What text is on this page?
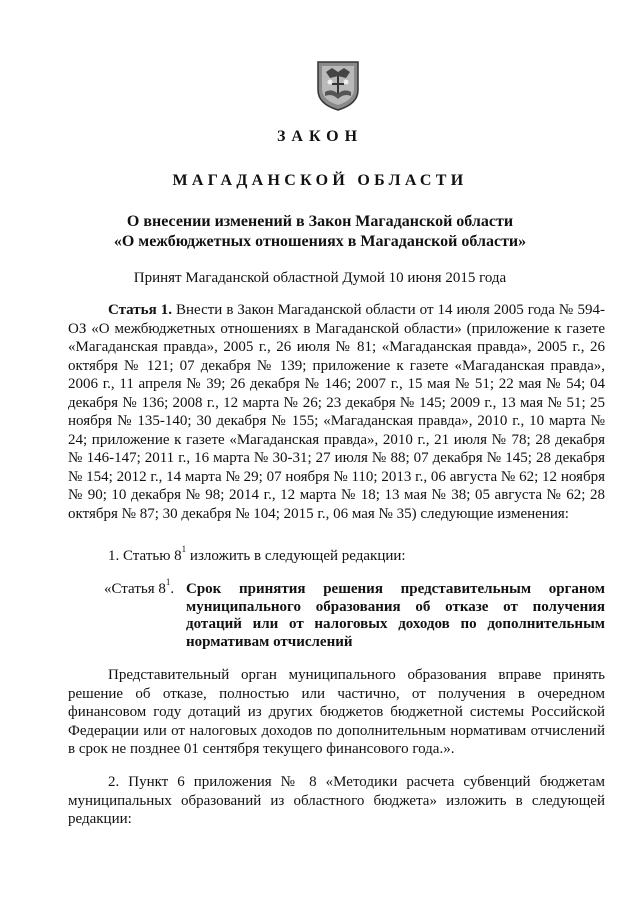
ЗАКОН
МАГАДАНСКОЙ ОБЛАСТИ
О внесении изменений в Закон Магаданской области
«О межбюджетных отношениях в Магаданской области»
Принят Магаданской областной Думой 10 июня 2015 года
Статья 1. Внести в Закон Магаданской области от 14 июля 2005 года № 594-ОЗ «О межбюджетных отношениях в Магаданской области» (приложение к газете «Магаданская правда», 2005 г., 26 июля № 81; «Магаданская правда», 2005 г., 26 октября № 121; 07 декабря № 139; приложение к газете «Магаданская правда», 2006 г., 11 апреля № 39; 26 декабря № 146; 2007 г., 15 мая № 51; 22 мая № 54; 04 декабря № 136; 2008 г., 12 марта № 26; 23 декабря № 145; 2009 г., 13 мая № 51; 25 ноября № 135-140; 30 декабря № 155; «Магаданская правда», 2010 г., 10 марта № 24; приложение к газете «Магаданская правда», 2010 г., 21 июля № 78; 28 декабря № 146-147; 2011 г., 16 марта № 30-31; 27 июля № 88; 07 декабря № 145; 28 декабря № 154; 2012 г., 14 марта № 29; 07 ноября № 110; 2013 г., 06 августа № 62; 12 ноября № 90; 10 декабря № 98; 2014 г., 12 марта № 18; 13 мая № 38; 05 августа № 62; 28 октября № 87; 30 декабря № 104; 2015 г., 06 мая № 35) следующие изменения:
1. Статью $8^1$ изложить в следующей редакции:
«Статья $8^1$. Срок принятия решения представительным органом муниципального образования об отказе от получения дотаций или от налоговых доходов по дополнительным нормативам отчислений
Представительный орган муниципального образования вправе принять решение об отказе, полностью или частично, от получения в очередном финансовом году дотаций из других бюджетов бюджетной системы Российской Федерации или от налоговых доходов по дополнительным нормативам отчислений в срок не позднее 01 сентября текущего финансового года.».
2. Пункт 6 приложения № 8 «Методики расчета субвенций бюджетам муниципальных образований из областного бюджета» изложить в следующей редакции:
